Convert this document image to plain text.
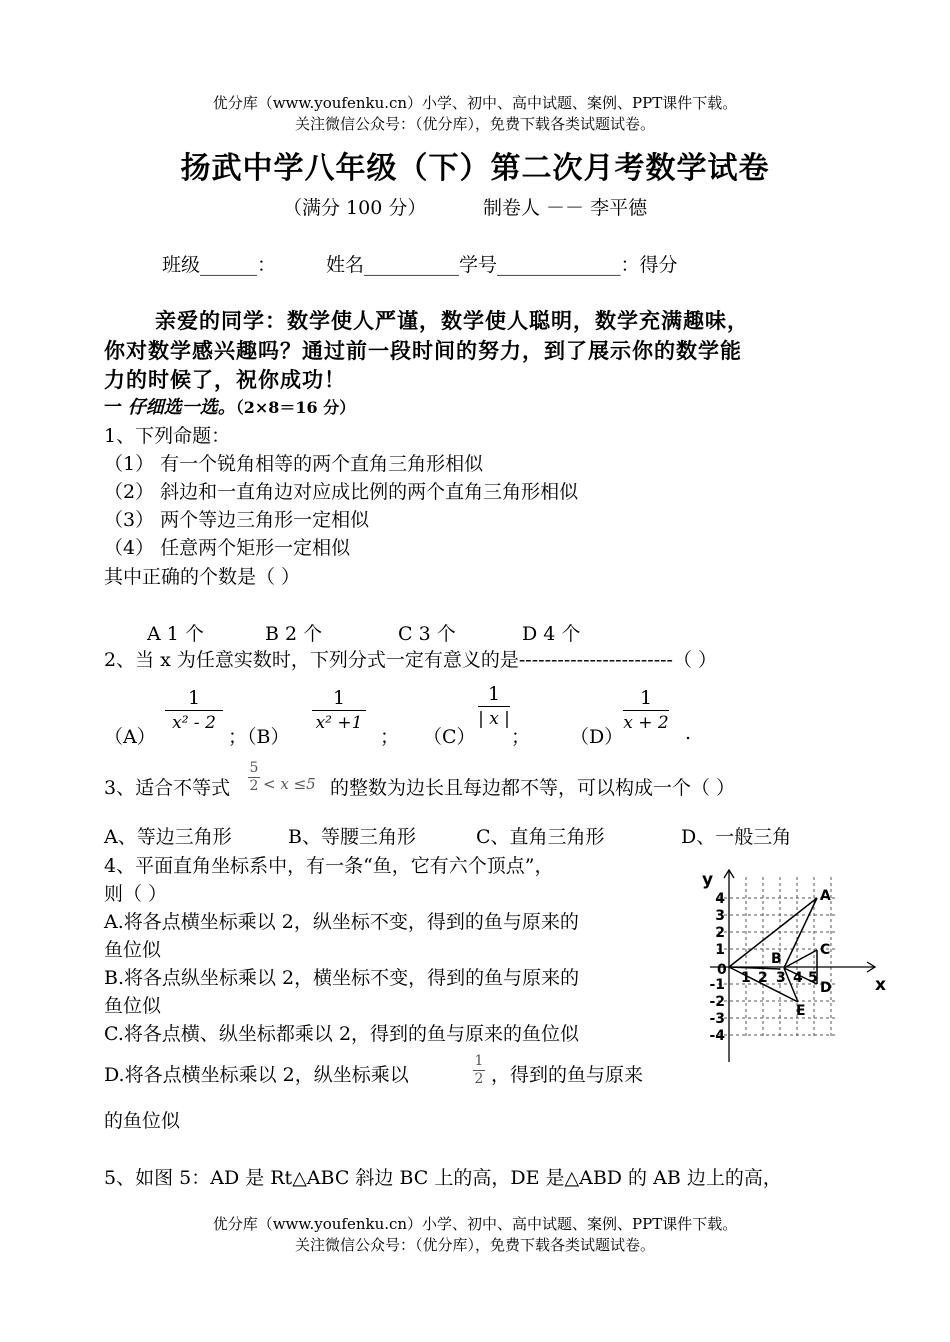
优分库（www.youfenku.cn）小学、初中、高中试题、案例、PPT课件下载。
关注微信公众号：（优分库），免费下载各类试题试卷。
扬武中学八年级（下）第二次月考数学试卷
（满分 100 分）	制卷人 －－ 李平德
班级______：	姓名__________学号_____________：得分
亲爱的同学：数学使人严谨，数学使人聪明，数学充满趣味，
你对数学感兴趣吗？通过前一段时间的努力，到了展示你的数学能
力的时候了，祝你成功！
一 仔细选一选。（2×8＝16 分）
1、下列命题：
（1） 有一个锐角相等的两个直角三角形相似
（2） 斜边和一直角边对应成比例的两个直角三角形相似
（3） 两个等边三角形一定相似
（4） 任意两个矩形一定相似
其中正确的个数是（ ）
A 1 个	B 2 个	C 3 个	D 4 个
2、当 x 为任意实数时，下列分式一定有意义的是------------------------（ ）
（A）
1
x² - 2
；（B）
1
x² +1
； （C）
1
| x |
； （D）
1
x + 2 .
3、适合不等式
5
2 < x ≤5 的整数为边长且每边都不等，可以构成一个（ ）
A、等边三角形	B、等腰三角形	C、直角三角形	D、一般三角
4、平面直角坐标系中，有一条“鱼，它有六个顶点”，
则（ ）
A.将各点横坐标乘以 2，纵坐标不变，得到的鱼与原来的
鱼位似
B.将各点纵坐标乘以 2，横坐标不变，得到的鱼与原来的
鱼位似
C.将各点横、纵坐标都乘以 2，得到的鱼与原来的鱼位似
D.将各点横坐标乘以 2，纵坐标乘以
1
2 ，得到的鱼与原来
的鱼位似
y
x
0
4
3
2
1
-1
-2
-3
-4
1 2 3 4 5
A
B
C
D
E
5、如图 5：AD 是 Rt△ABC 斜边 BC 上的高，DE 是△ABD 的 AB 边上的高，
优分库（www.youfenku.cn）小学、初中、高中试题、案例、PPT课件下载。
关注微信公众号：（优分库），免费下载各类试题试卷。
